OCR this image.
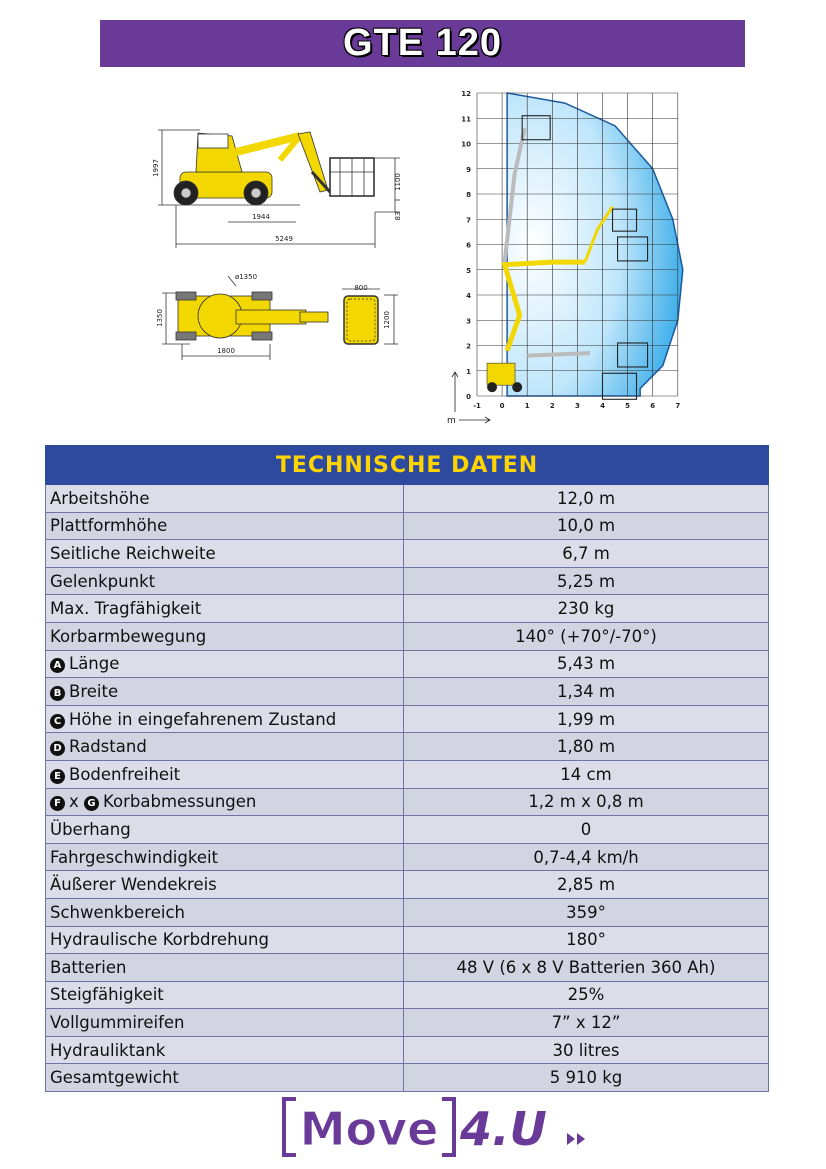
GTE 120
1997
1100
83
1944
5249
ø1350
800
1350	1200
1800
-1	0	1	2	3	4	5	6	7
0
1
2
3
4
5
6
7
8
9
10
11
12
m
TECHNISCHE DATEN	
Arbeitshöhe	12,0 m
Plattformhöhe	10,0 m
Seitliche Reichweite	6,7 m
Gelenkpunkt	5,25 m
Max. Tragfähigkeit	230 kg
Korbarmbewegung	140° (+70°/-70°)
A Länge	5,43 m
B Breite	1,34 m
C Höhe in eingefahrenem Zustand	1,99 m
D Radstand	1,80 m
E Bodenfreiheit	14 cm
F x G Korbabmessungen	1,2 m x 0,8 m
Überhang	0
Fahrgeschwindigkeit	0,7-4,4 km/h
Äußerer Wendekreis	2,85 m
Schwenkbereich	359°
Hydraulische Korbdrehung	180°
Batterien	48 V (6 x 8 V Batterien 360 Ah)
Steigfähigkeit	25%
Vollgummireifen	7” x 12”
Hydrauliktank	30 litres
Gesamtgewicht	5 910 kg
Move 4.U
